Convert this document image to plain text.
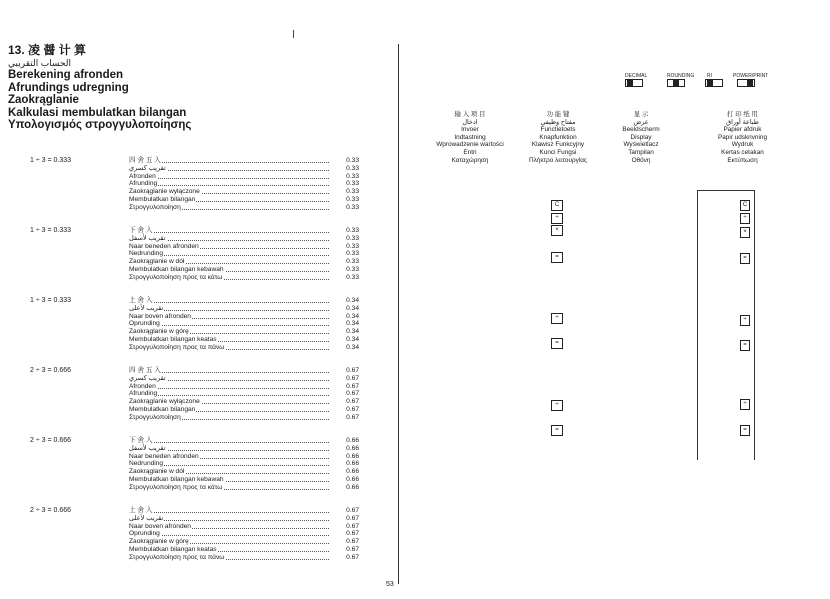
13. 凌 醤 计 算
الحساب التقريبي
Berekening afronden
Afrundings udregning
Zaokrąglanie
Kalkulasi membulatkan bilangan
Υπολογισμός στρογγυλοποίησης
1 ÷ 3 = 0.333	四 舍 五 入	0.33
تقريب كسري	0.33
Afronden	0.33
Afrunding	0.33
Zaokrąglanie wyłączone	0.33
Membulatkan bilangan	0.33
Στρογγυλοποίηση	0.33
1 ÷ 3 = 0.333	下 舍 入	0.33
تقريب لأسفل	0.33
Naar beneden afronden	0.33
Nedrunding	0.33
Zaokrąglanie w dół	0.33
Membulatkan bilangan kebawah	0.33
Στρογγυλοποίηση προς τα κάτω	0.33
1 ÷ 3 = 0.333	上 舍 入	0.34
تقريب لأعلى	0.34
Naar boven afronden	0.34
Oprunding	0.34
Zaokrąglanie w górę	0.34
Membulatkan bilangan keatas	0.34
Στρογγυλοποίηση προς τα πάνω	0.34
2 ÷ 3 = 0.666	四 舍 五 入	0.67
تقريب كسري	0.67
Afronden	0.67
Afrunding	0.67
Zaokrąglanie wyłączone	0.67
Membulatkan bilangan	0.67
Στρογγυλοποίηση	0.67
2 ÷ 3 = 0.666	下 舍 入	0.66
تقريب لأسفل	0.66
Naar beneden afronden	0.66
Nedrunding	0.66
Zaokrąglanie w dół	0.66
Membulatkan bilangan kebawah	0.66
Στρογγυλοποίηση προς τα κάτω	0.66
2 ÷ 3 = 0.666	上 舍 入	0.67
تقريب لأعلى	0.67
Naar boven afronden	0.67
Oprunding	0.67
Zaokrąglanie w górę	0.67
Membulatkan bilangan keatas	0.67
Στρογγυλοποίηση προς τα πάνω	0.67
53
DECIMAL	ROUNDING	RI	POWER/PRINT
输 入 项 目
ادخال
Invoer
Indtastning
Wprowadzenie wartości
Entri
Καταχώρηση
功 能 键
مفتاح وظيفي
Functietoets
Knapfunktion
Klawisz Funkcyjny
Kunci Fungsi
Πλήκτρο λειτουργίας
显 示
عرض
Beeldscherm
Display
Wyświetlacz
Tampilan
Οθόνη
打 印 纸 用
طباعة أوراق
Papier afdruk
Papir udskrivning
Wydruk
Kertas cetakan
Εκτύπωση
C
÷
×
=
÷
=
÷
=
C
÷
×
=
÷
=
÷
=
